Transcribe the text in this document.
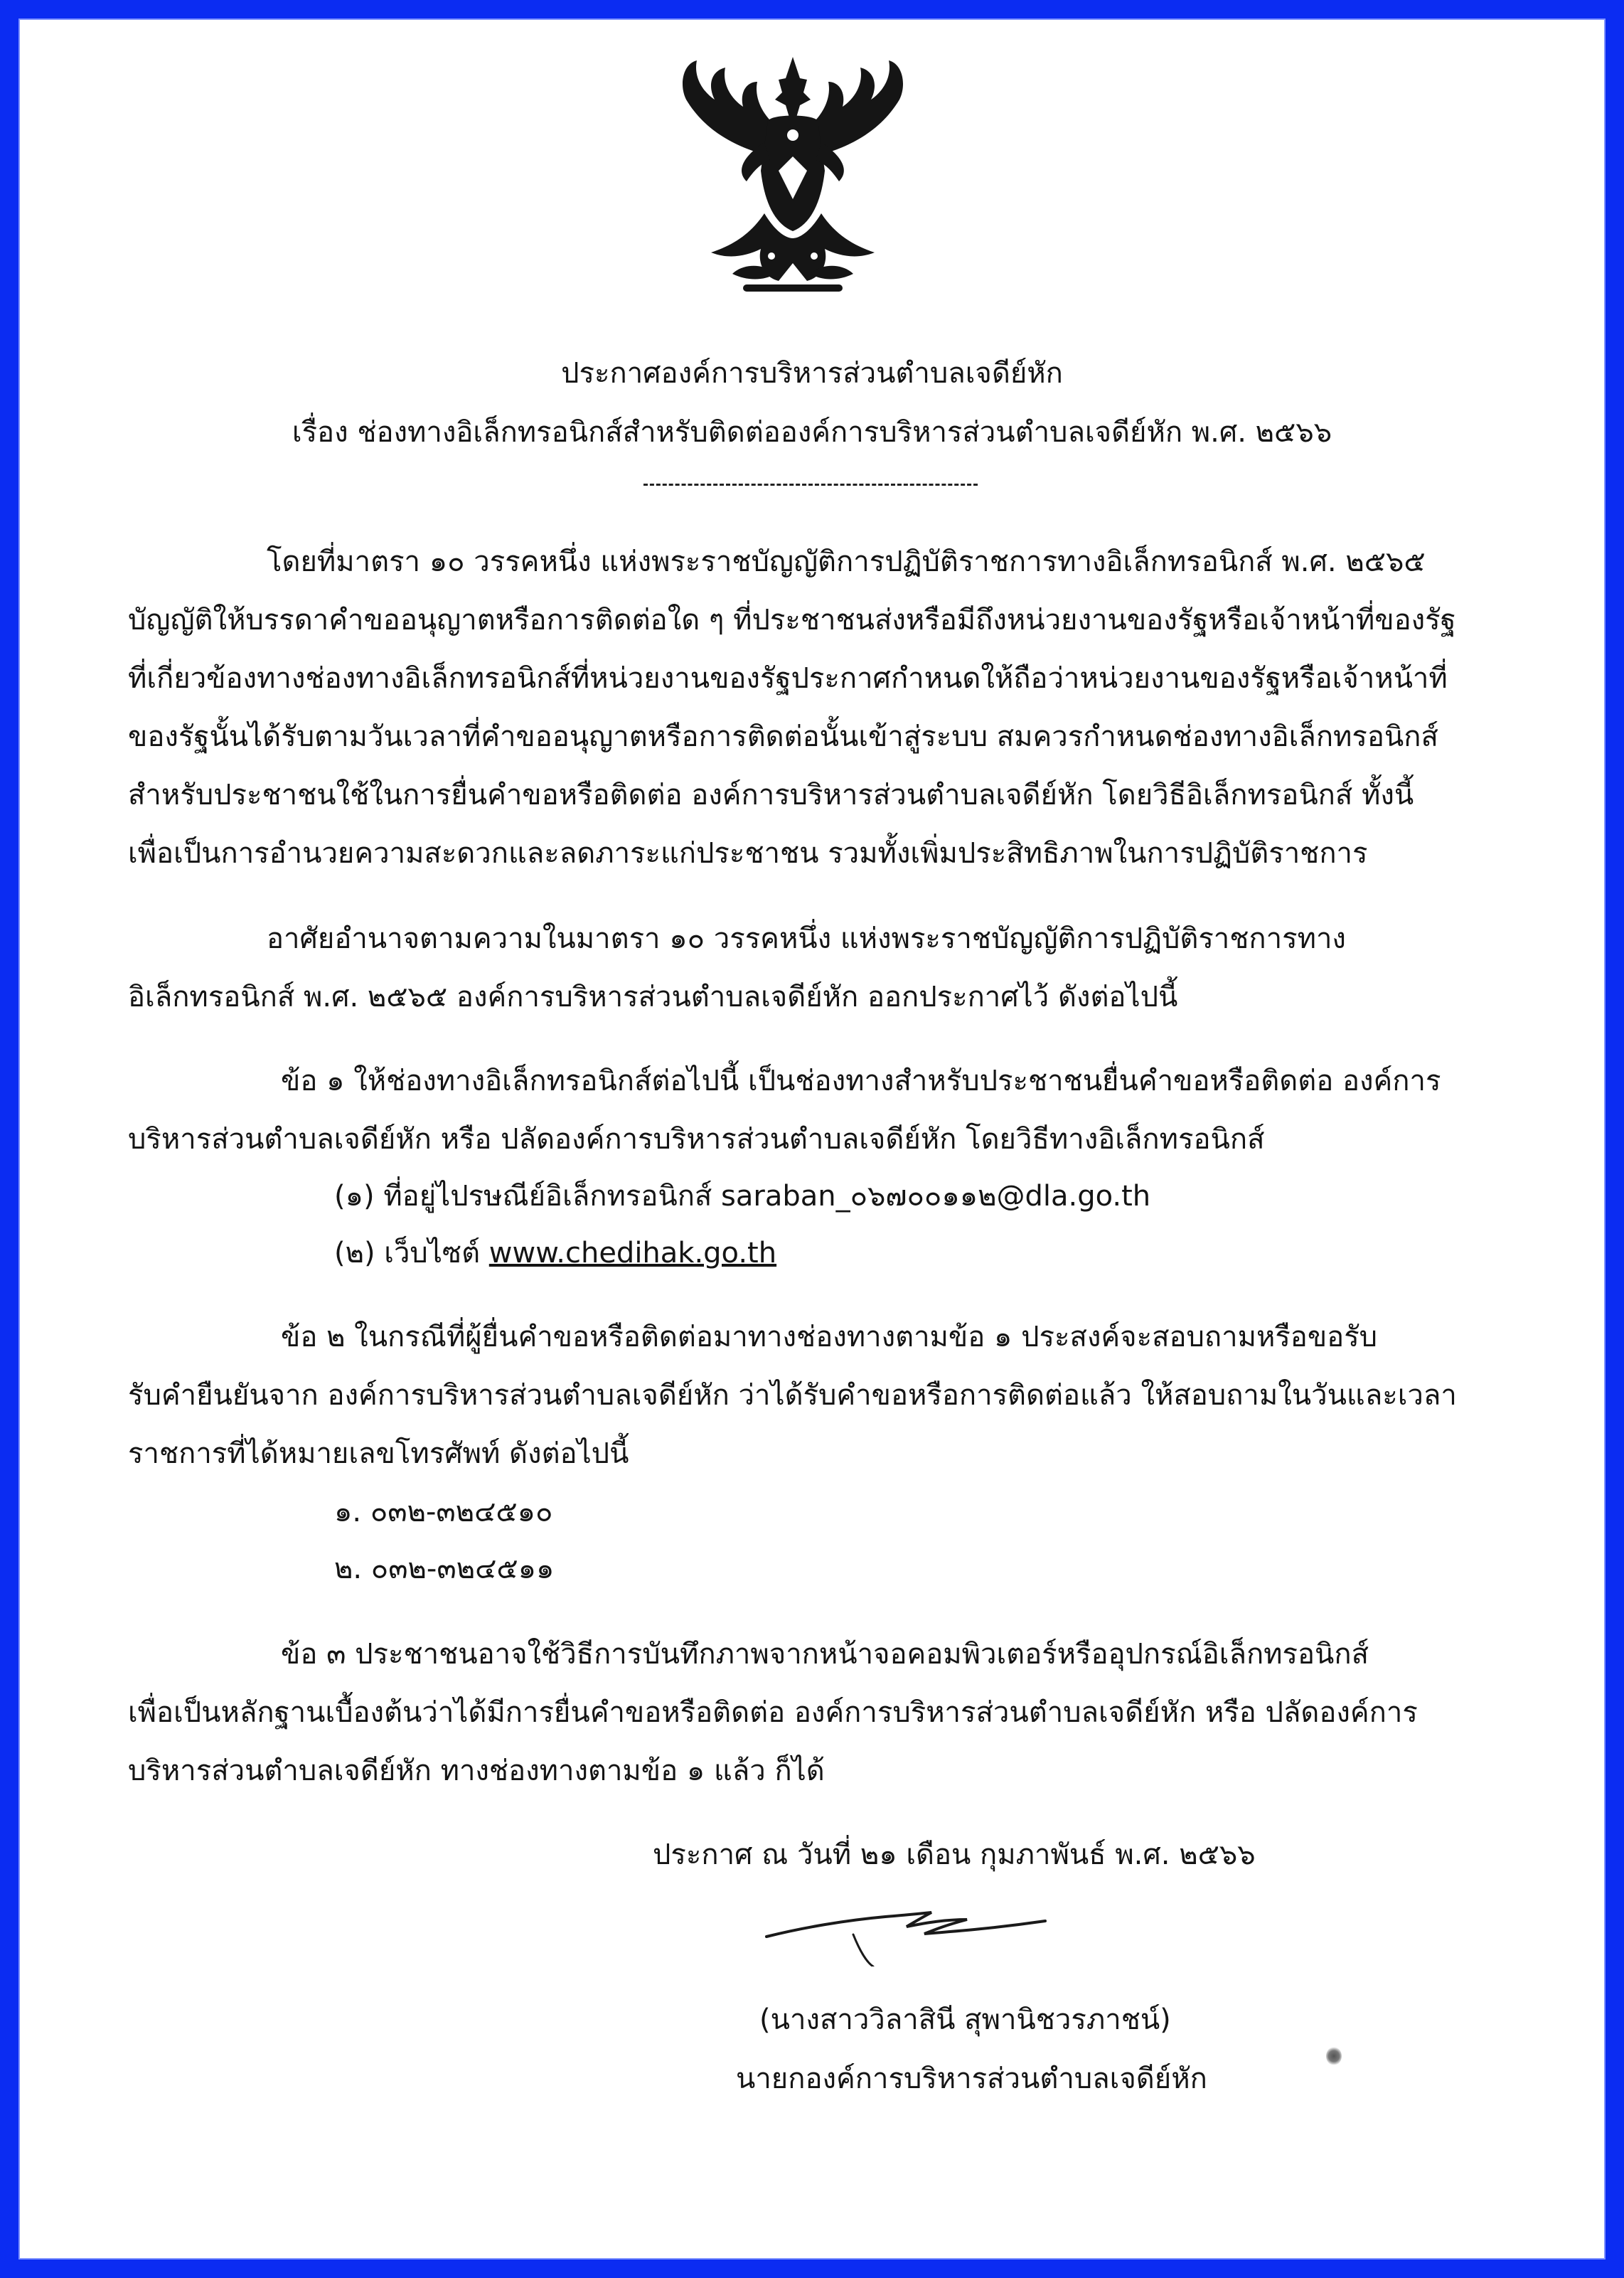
ประกาศองค์การบริหารส่วนตำบลเจดีย์หัก
เรื่อง ช่องทางอิเล็กทรอนิกส์สำหรับติดต่อองค์การบริหารส่วนตำบลเจดีย์หัก พ.ศ. ๒๕๖๖
โดยที่มาตรา ๑๐ วรรคหนึ่ง แห่งพระราชบัญญัติการปฏิบัติราชการทางอิเล็กทรอนิกส์ พ.ศ. ๒๕๖๕
บัญญัติให้บรรดาคำขออนุญาตหรือการติดต่อใด ๆ ที่ประชาชนส่งหรือมีถึงหน่วยงานของรัฐหรือเจ้าหน้าที่ของรัฐ
ที่เกี่ยวข้องทางช่องทางอิเล็กทรอนิกส์ที่หน่วยงานของรัฐประกาศกำหนดให้ถือว่าหน่วยงานของรัฐหรือเจ้าหน้าที่
ของรัฐนั้นได้รับตามวันเวลาที่คำขออนุญาตหรือการติดต่อนั้นเข้าสู่ระบบ สมควรกำหนดช่องทางอิเล็กทรอนิกส์
สำหรับประชาชนใช้ในการยื่นคำขอหรือติดต่อ องค์การบริหารส่วนตำบลเจดีย์หัก โดยวิธีอิเล็กทรอนิกส์ ทั้งนี้
เพื่อเป็นการอำนวยความสะดวกและลดภาระแก่ประชาชน รวมทั้งเพิ่มประสิทธิภาพในการปฏิบัติราชการ
อาศัยอำนาจตามความในมาตรา ๑๐ วรรคหนึ่ง แห่งพระราชบัญญัติการปฏิบัติราชการทาง
อิเล็กทรอนิกส์ พ.ศ. ๒๕๖๕ องค์การบริหารส่วนตำบลเจดีย์หัก ออกประกาศไว้ ดังต่อไปนี้
ข้อ ๑ ให้ช่องทางอิเล็กทรอนิกส์ต่อไปนี้ เป็นช่องทางสำหรับประชาชนยื่นคำขอหรือติดต่อ องค์การ
บริหารส่วนตำบลเจดีย์หัก หรือ ปลัดองค์การบริหารส่วนตำบลเจดีย์หัก โดยวิธีทางอิเล็กทรอนิกส์
(๑) ที่อยู่ไปรษณีย์อิเล็กทรอนิกส์ saraban_๐๖๗๐๐๑๑๒@dla.go.th
(๒) เว็บไซต์ www.chedihak.go.th
ข้อ ๒ ในกรณีที่ผู้ยื่นคำขอหรือติดต่อมาทางช่องทางตามข้อ ๑ ประสงค์จะสอบถามหรือขอรับ
รับคำยืนยันจาก องค์การบริหารส่วนตำบลเจดีย์หัก ว่าได้รับคำขอหรือการติดต่อแล้ว ให้สอบถามในวันและเวลา
ราชการที่ได้หมายเลขโทรศัพท์ ดังต่อไปนี้
๑. ๐๓๒-๓๒๔๕๑๐
๒. ๐๓๒-๓๒๔๕๑๑
ข้อ ๓ ประชาชนอาจใช้วิธีการบันทึกภาพจากหน้าจอคอมพิวเตอร์หรืออุปกรณ์อิเล็กทรอนิกส์
เพื่อเป็นหลักฐานเบื้องต้นว่าได้มีการยื่นคำขอหรือติดต่อ องค์การบริหารส่วนตำบลเจดีย์หัก หรือ ปลัดองค์การ
บริหารส่วนตำบลเจดีย์หัก ทางช่องทางตามข้อ ๑ แล้ว ก็ได้
ประกาศ ณ วันที่ ๒๑ เดือน กุมภาพันธ์ พ.ศ. ๒๕๖๖
(นางสาววิลาสินี สุพานิชวรภาชน์)
นายกองค์การบริหารส่วนตำบลเจดีย์หัก
